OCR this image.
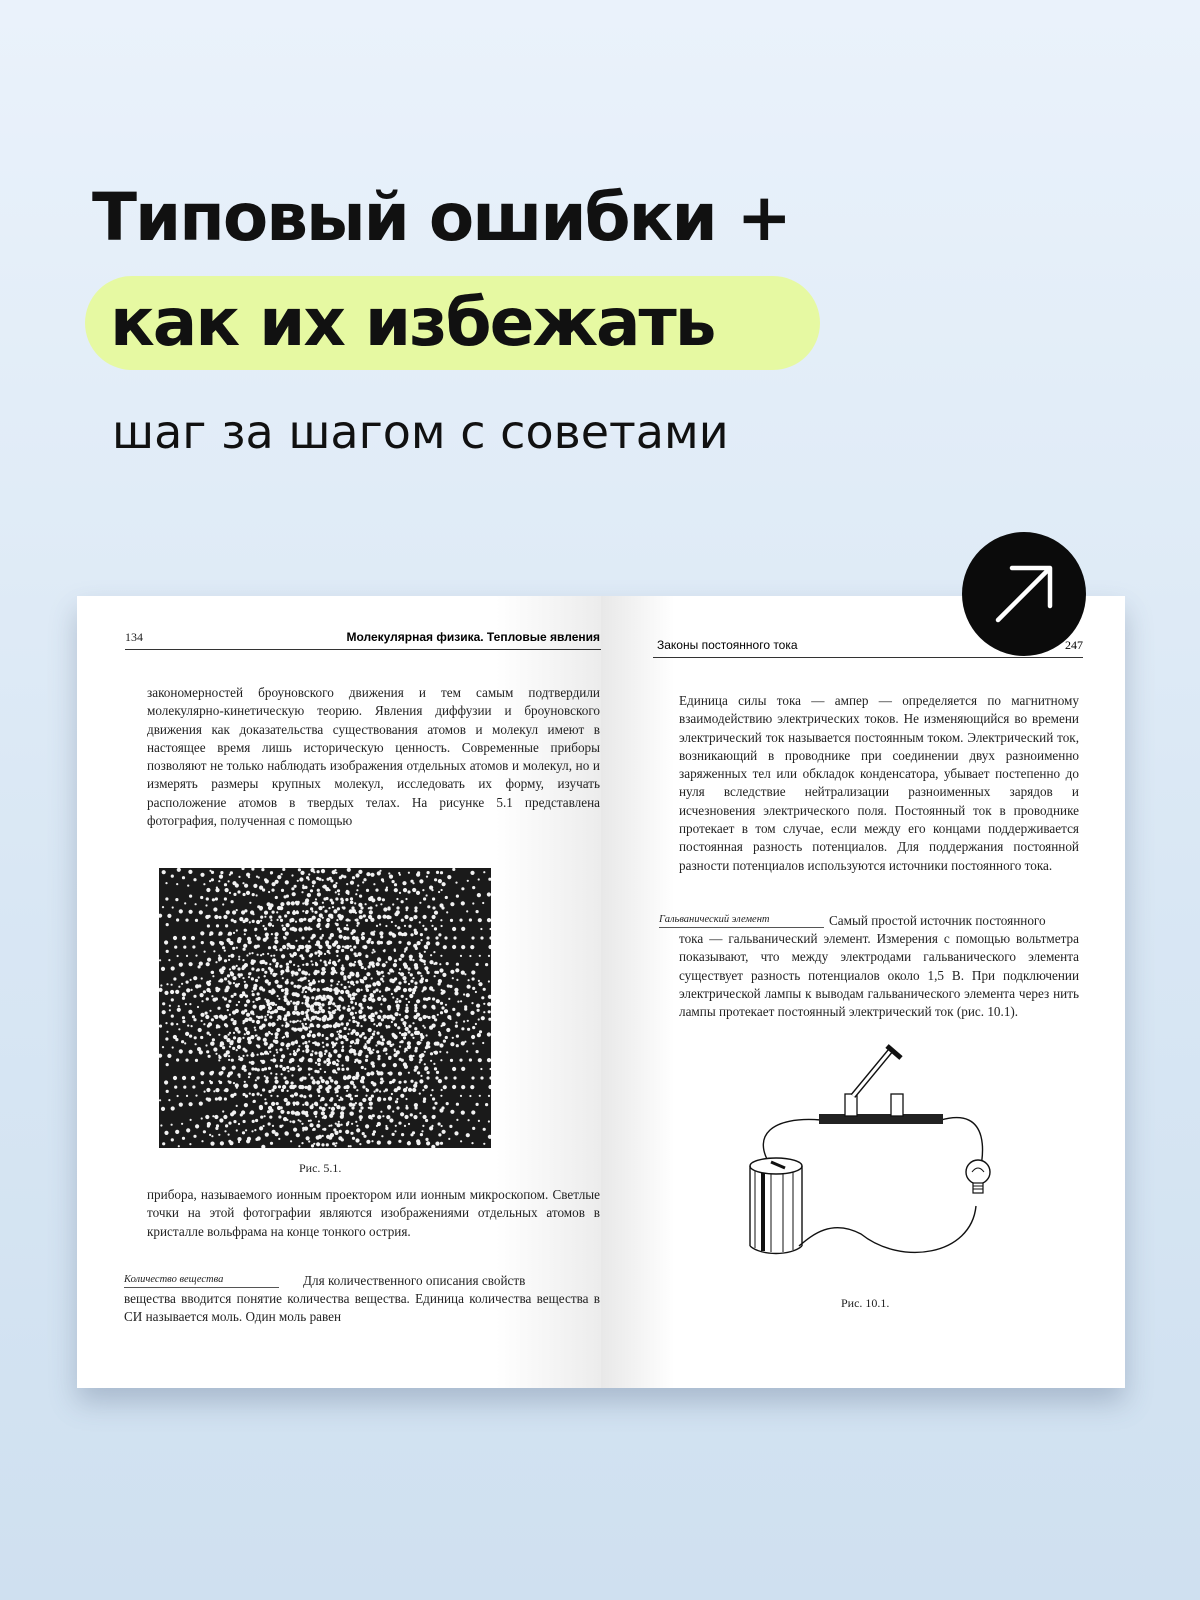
Типовый ошибки +
как их избежать
шаг за шагом с советами
134	Молекулярная физика. Тепловые явления

закономерностей броуновского движения и тем самым подтвердили молекулярно-кинетическую теорию. Явления диффузии и броуновского движения как доказательства существования атомов и молекул имеют в настоящее время лишь историческую ценность. Современные приборы позволяют не только наблюдать изображения отдельных атомов и молекул, но и измерять размеры крупных молекул, исследовать их форму, изучать расположение атомов в твердых телах. На рисунке 5.1 представлена фотография, полученная с помощью

Рис. 5.1.

прибора, называемого ионным проектором или ионным микроскопом. Светлые точки на этой фотографии являются изображениями отдельных атомов в кристалле вольфрама на конце тонкого острия.

Количество вещества	Для количественного описания свойств

вещества вводится понятие количества вещества. Единица количества вещества в СИ называется моль. Один моль равен

Законы постоянного тока	247

Единица силы тока — ампер — определяется по магнитному взаимодействию электрических токов. Не изменяющийся во времени электрический ток называется постоянным током. Электрический ток, возникающий в проводнике при соединении двух разноименно заряженных тел или обкладок конденсатора, убывает постепенно до нуля вследствие нейтрализации разноименных зарядов и исчезновения электрического поля. Постоянный ток в проводнике протекает в том случае, если между его концами поддерживается постоянная разность потенциалов. Для поддержания постоянной разности потенциалов используются источники постоянного тока.

Гальванический элемент	Самый простой источник постоянного

тока — гальванический элемент. Измерения с помощью вольтметра показывают, что между электродами гальванического элемента существует разность потенциалов около 1,5 В. При подключении электрической лампы к выводам гальванического элемента через нить лампы протекает постоянный электрический ток (рис. 10.1).

Рис. 10.1.
